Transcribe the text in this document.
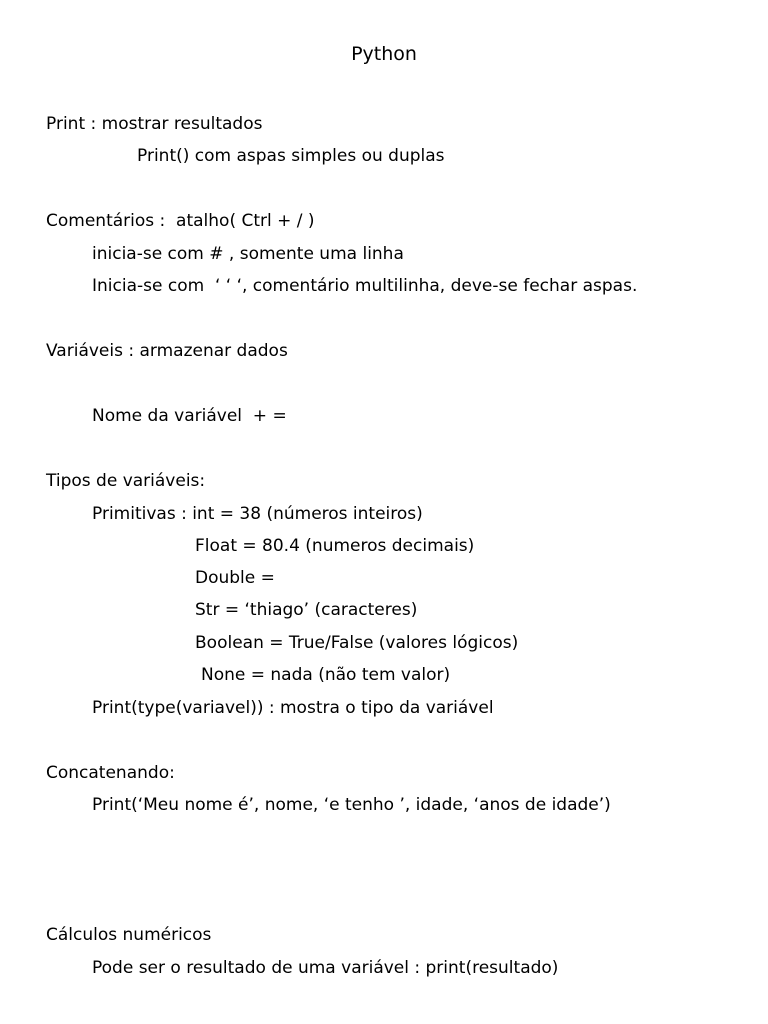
Python

Print : mostrar resultados

Print() com aspas simples ou duplas

Comentários :  atalho( Ctrl + / )

inicia-se com # , somente uma linha

Inicia-se com  ‘ ‘ ‘, comentário multilinha, deve-se fechar aspas.

Variáveis : armazenar dados

Nome da variável  + =

Tipos de variáveis:

Primitivas : int = 38 (números inteiros)

Float = 80.4 (numeros decimais)

Double =

Str = ‘thiago’ (caracteres)

Boolean = True/False (valores lógicos)

None = nada (não tem valor)

Print(type(variavel)) : mostra o tipo da variável

Concatenando:

Print(‘Meu nome é’, nome, ‘e tenho ’, idade, ‘anos de idade’)

Cálculos numéricos

Pode ser o resultado de uma variável : print(resultado)
